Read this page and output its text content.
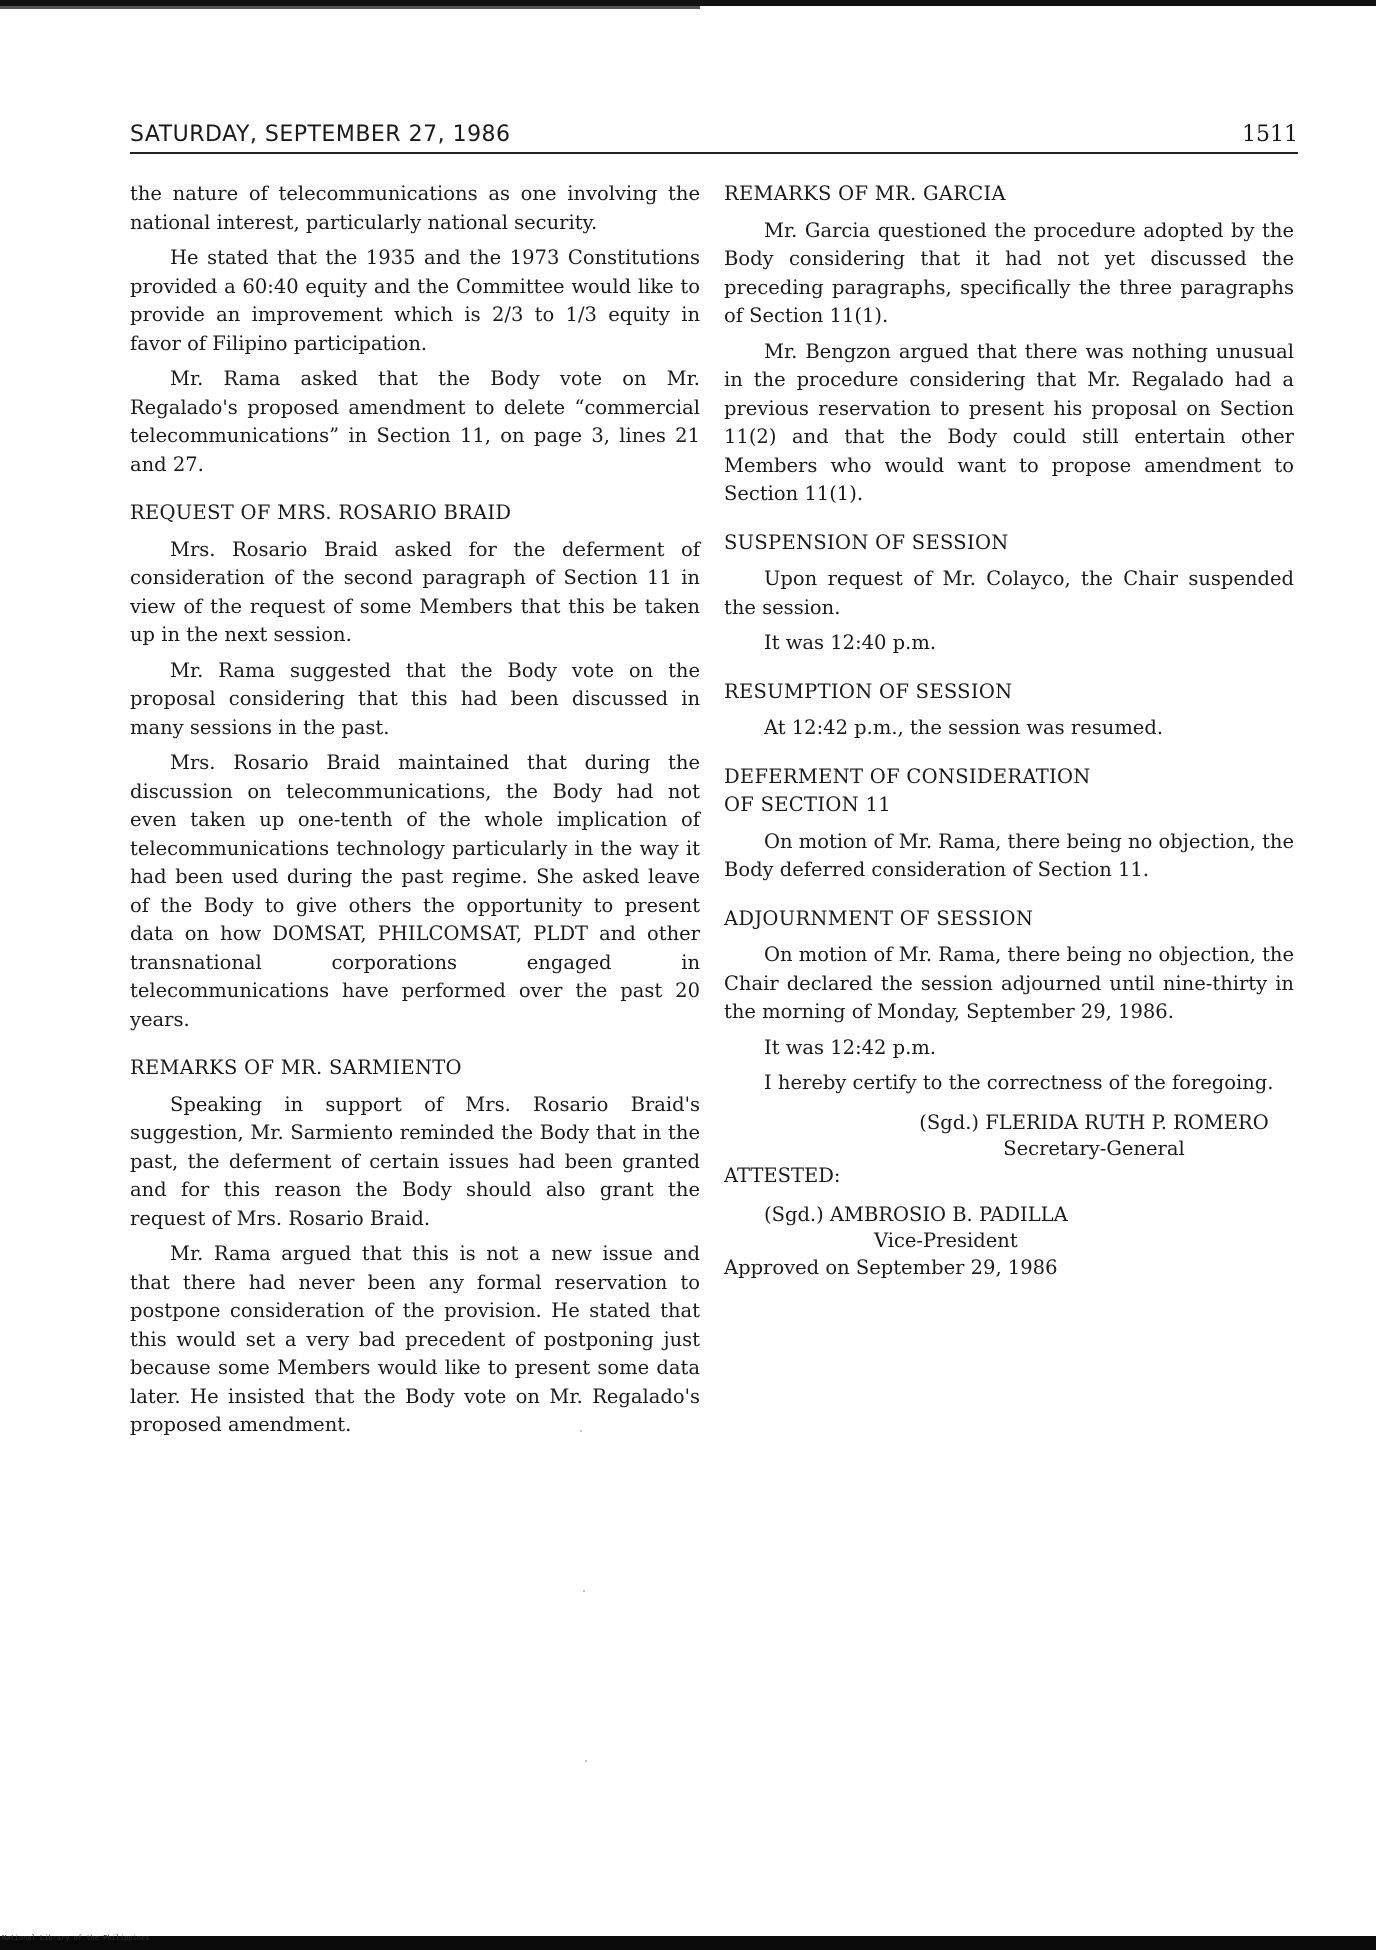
SATURDAY, SEPTEMBER 27, 1986	1511

the nature of telecommunications as one involving the national interest, particularly national security.

He stated that the 1935 and the 1973 Constitutions provided a 60:40 equity and the Committee would like to provide an improvement which is 2/3 to 1/3 equity in favor of Filipino participation.

Mr. Rama asked that the Body vote on Mr. Regalado's proposed amendment to delete “commercial telecommunications” in Section 11, on page 3, lines 21 and 27.

REQUEST OF MRS. ROSARIO BRAID

Mrs. Rosario Braid asked for the deferment of consideration of the second paragraph of Section 11 in view of the request of some Members that this be taken up in the next session.

Mr. Rama suggested that the Body vote on the proposal considering that this had been discussed in many sessions in the past.

Mrs. Rosario Braid maintained that during the discussion on telecommunications, the Body had not even taken up one-tenth of the whole implication of telecommunications technology particularly in the way it had been used during the past regime. She asked leave of the Body to give others the opportunity to present data on how DOMSAT, PHILCOMSAT, PLDT and other transnational corporations engaged in telecommunications have performed over the past 20 years.

REMARKS OF MR. SARMIENTO

Speaking in support of Mrs. Rosario Braid's suggestion, Mr. Sarmiento reminded the Body that in the past, the deferment of certain issues had been granted and for this reason the Body should also grant the request of Mrs. Rosario Braid.

Mr. Rama argued that this is not a new issue and that there had never been any formal reservation to postpone consideration of the provision. He stated that this would set a very bad precedent of postponing just because some Members would like to present some data later. He insisted that the Body vote on Mr. Regalado's proposed amendment.

REMARKS OF MR. GARCIA

Mr. Garcia questioned the procedure adopted by the Body considering that it had not yet discussed the preceding paragraphs, specifically the three paragraphs of Section 11(1).

Mr. Bengzon argued that there was nothing unusual in the procedure considering that Mr. Regalado had a previous reservation to present his proposal on Section 11(2) and that the Body could still entertain other Members who would want to propose amendment to Section 11(1).

SUSPENSION OF SESSION

Upon request of Mr. Colayco, the Chair suspended the session.

It was 12:40 p.m.

RESUMPTION OF SESSION

At 12:42 p.m., the session was resumed.

DEFERMENT OF CONSIDERATION
OF SECTION 11

On motion of Mr. Rama, there being no objection, the Body deferred consideration of Section 11.

ADJOURNMENT OF SESSION

On motion of Mr. Rama, there being no objection, the Chair declared the session adjourned until nine-thirty in the morning of Monday, September 29, 1986.

It was 12:42 p.m.

I hereby certify to the correctness of the foregoing.

(Sgd.) FLERIDA RUTH P. ROMERO
Secretary-General

ATTESTED:

(Sgd.) AMBROSIO B. PADILLA
Vice-President

Approved on September 29, 1986

National Library of the Philippines
